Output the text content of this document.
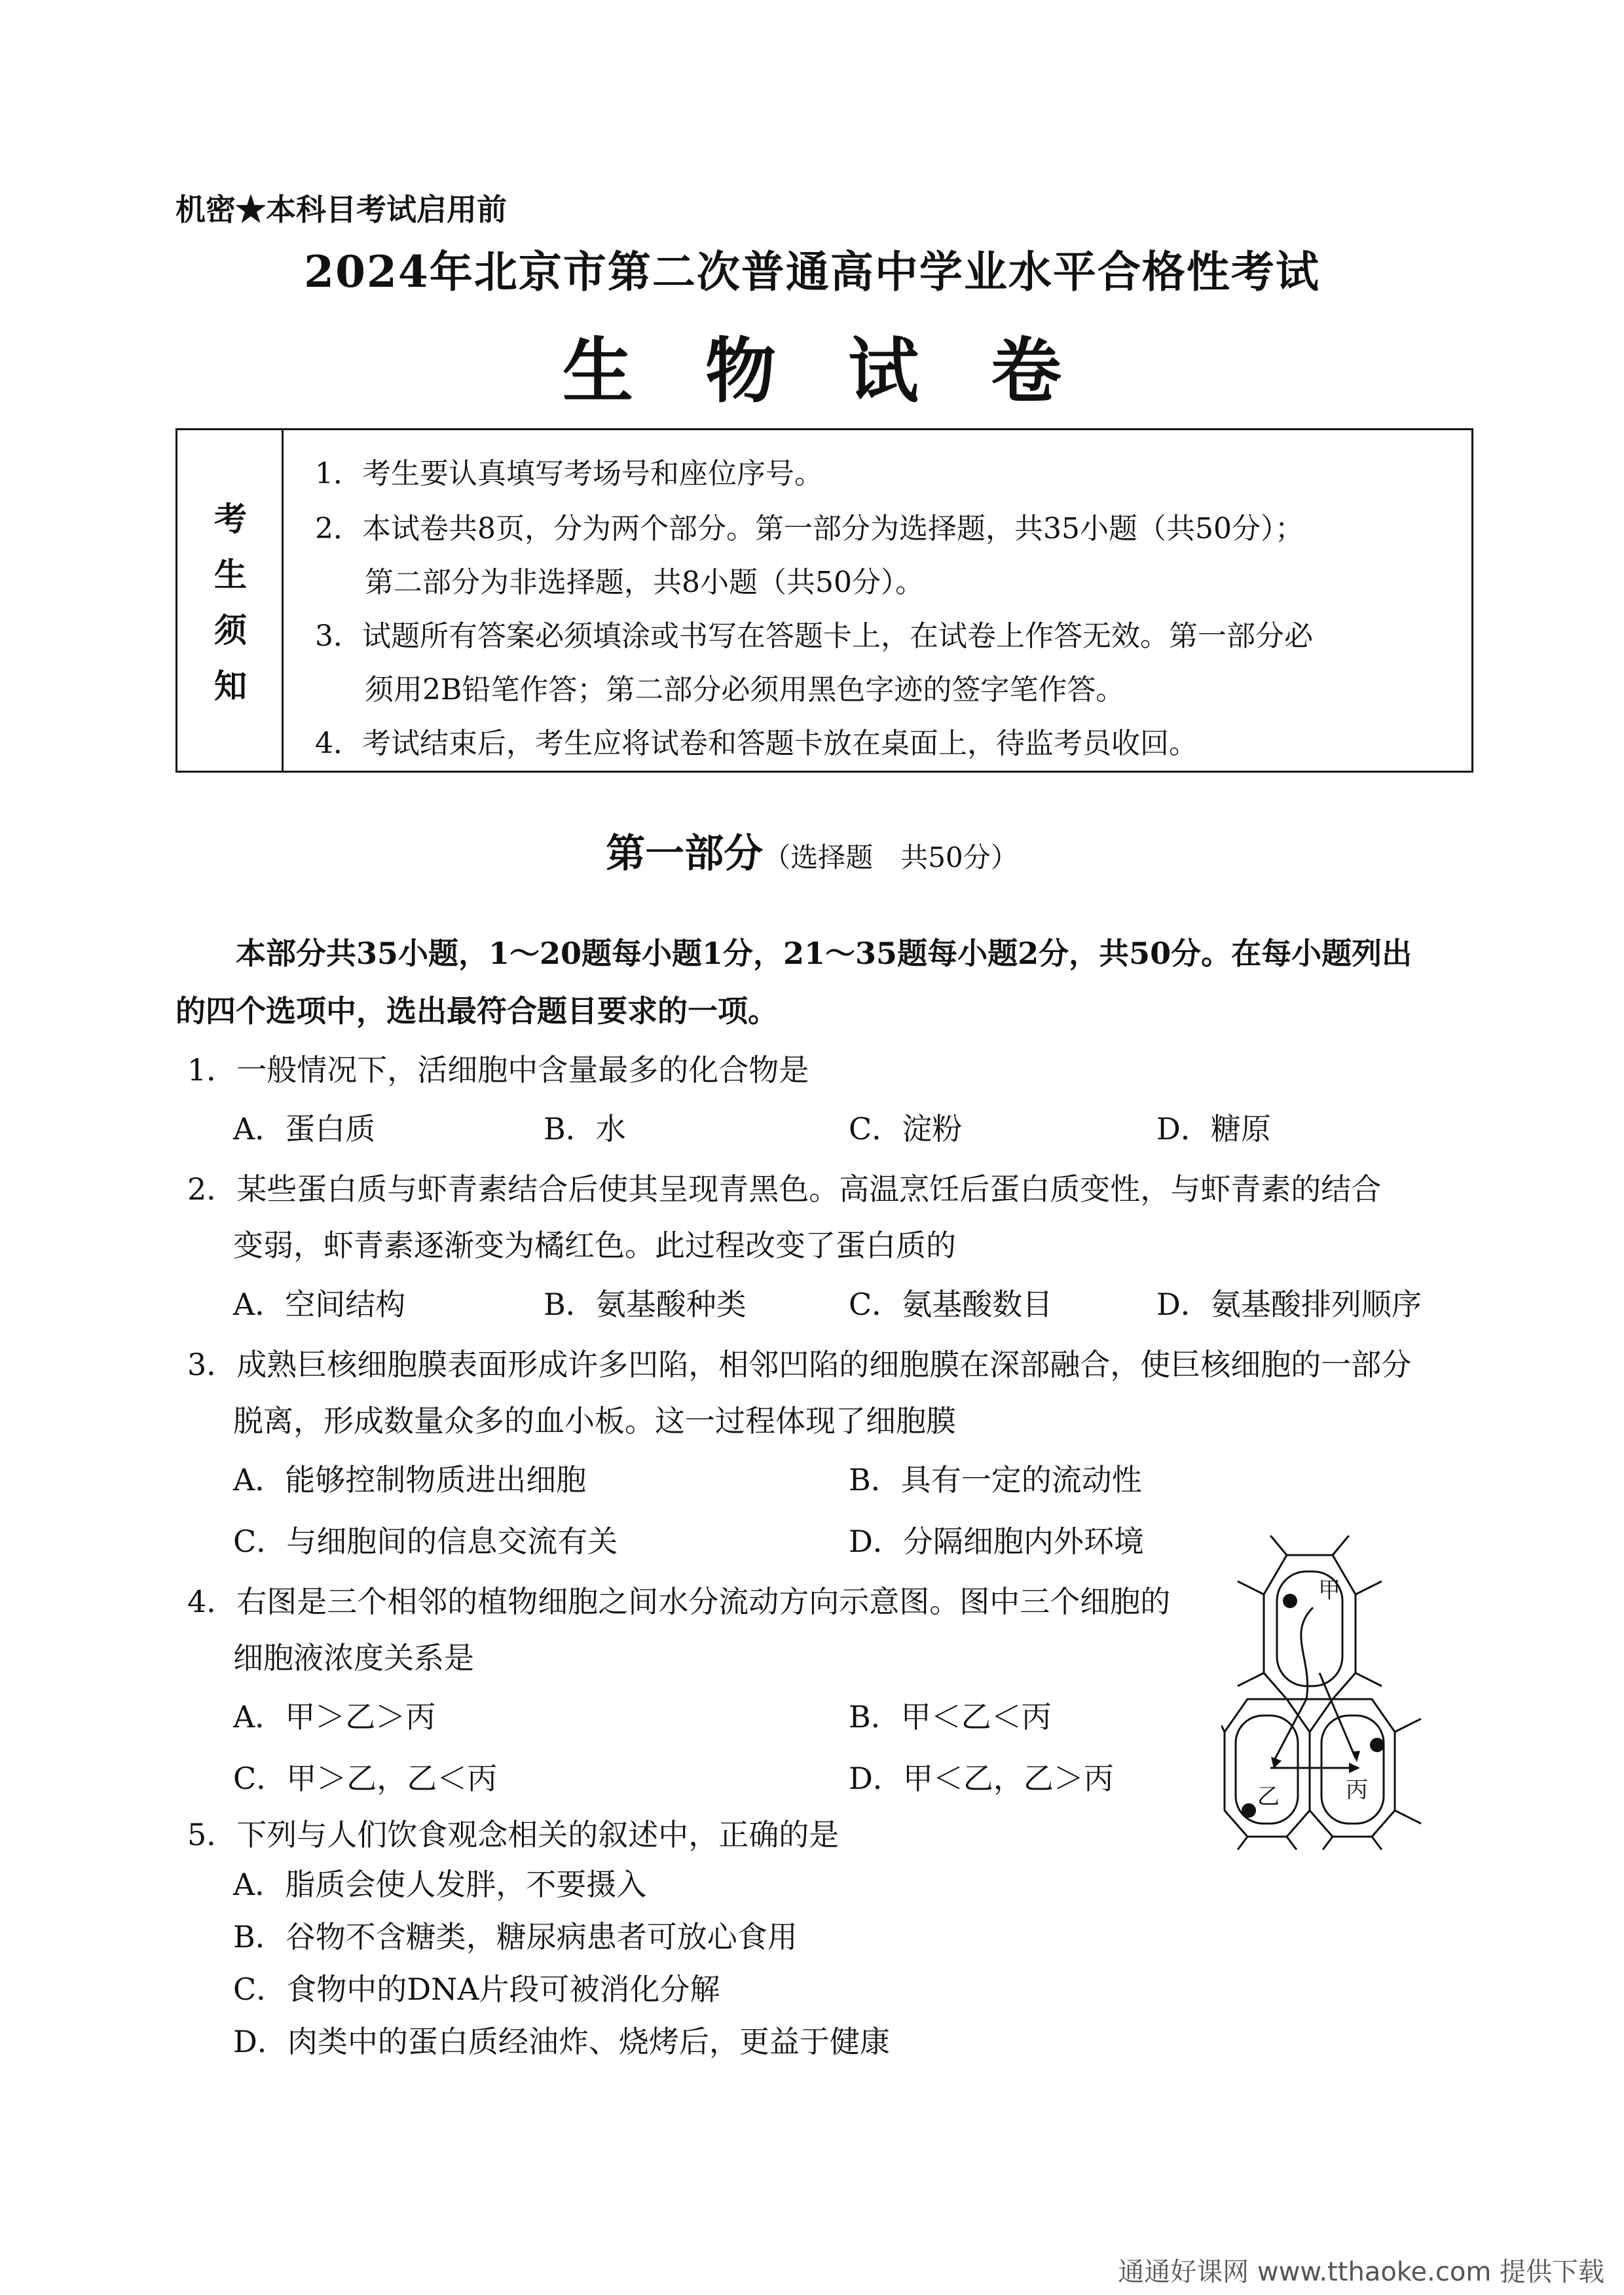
机密★本科目考试启用前
2024年北京市第二次普通高中学业水平合格性考试
生物试卷
考
生
须
知
1．考生要认真填写考场号和座位序号。
2．本试卷共8页，分为两个部分。第一部分为选择题，共35小题（共50分）；
第二部分为非选择题，共8小题（共50分）。
3．试题所有答案必须填涂或书写在答题卡上，在试卷上作答无效。第一部分必
须用2B铅笔作答；第二部分必须用黑色字迹的签字笔作答。
4．考试结束后，考生应将试卷和答题卡放在桌面上，待监考员收回。
第一部分（选择题　共50分）
本部分共35小题，1～20题每小题1分，21～35题每小题2分，共50分。在每小题列出
的四个选项中，选出最符合题目要求的一项。
1．一般情况下，活细胞中含量最多的化合物是
A．蛋白质	B．水	C．淀粉	D．糖原
2．某些蛋白质与虾青素结合后使其呈现青黑色。高温烹饪后蛋白质变性，与虾青素的结合
变弱，虾青素逐渐变为橘红色。此过程改变了蛋白质的
A．空间结构	B．氨基酸种类	C．氨基酸数目	D．氨基酸排列顺序
3．成熟巨核细胞膜表面形成许多凹陷，相邻凹陷的细胞膜在深部融合，使巨核细胞的一部分
脱离，形成数量众多的血小板。这一过程体现了细胞膜
A．能够控制物质进出细胞	B．具有一定的流动性
C．与细胞间的信息交流有关	D．分隔细胞内外环境
4．右图是三个相邻的植物细胞之间水分流动方向示意图。图中三个细胞的
细胞液浓度关系是
A．甲＞乙＞丙	B．甲＜乙＜丙
C．甲＞乙，乙＜丙	D．甲＜乙，乙＞丙
甲
乙	丙
5．下列与人们饮食观念相关的叙述中，正确的是
A．脂质会使人发胖，不要摄入
B．谷物不含糖类，糖尿病患者可放心食用
C．食物中的DNA片段可被消化分解
D．肉类中的蛋白质经油炸、烧烤后，更益于健康
通通好课网 www.tthaoke.com 提供下载
